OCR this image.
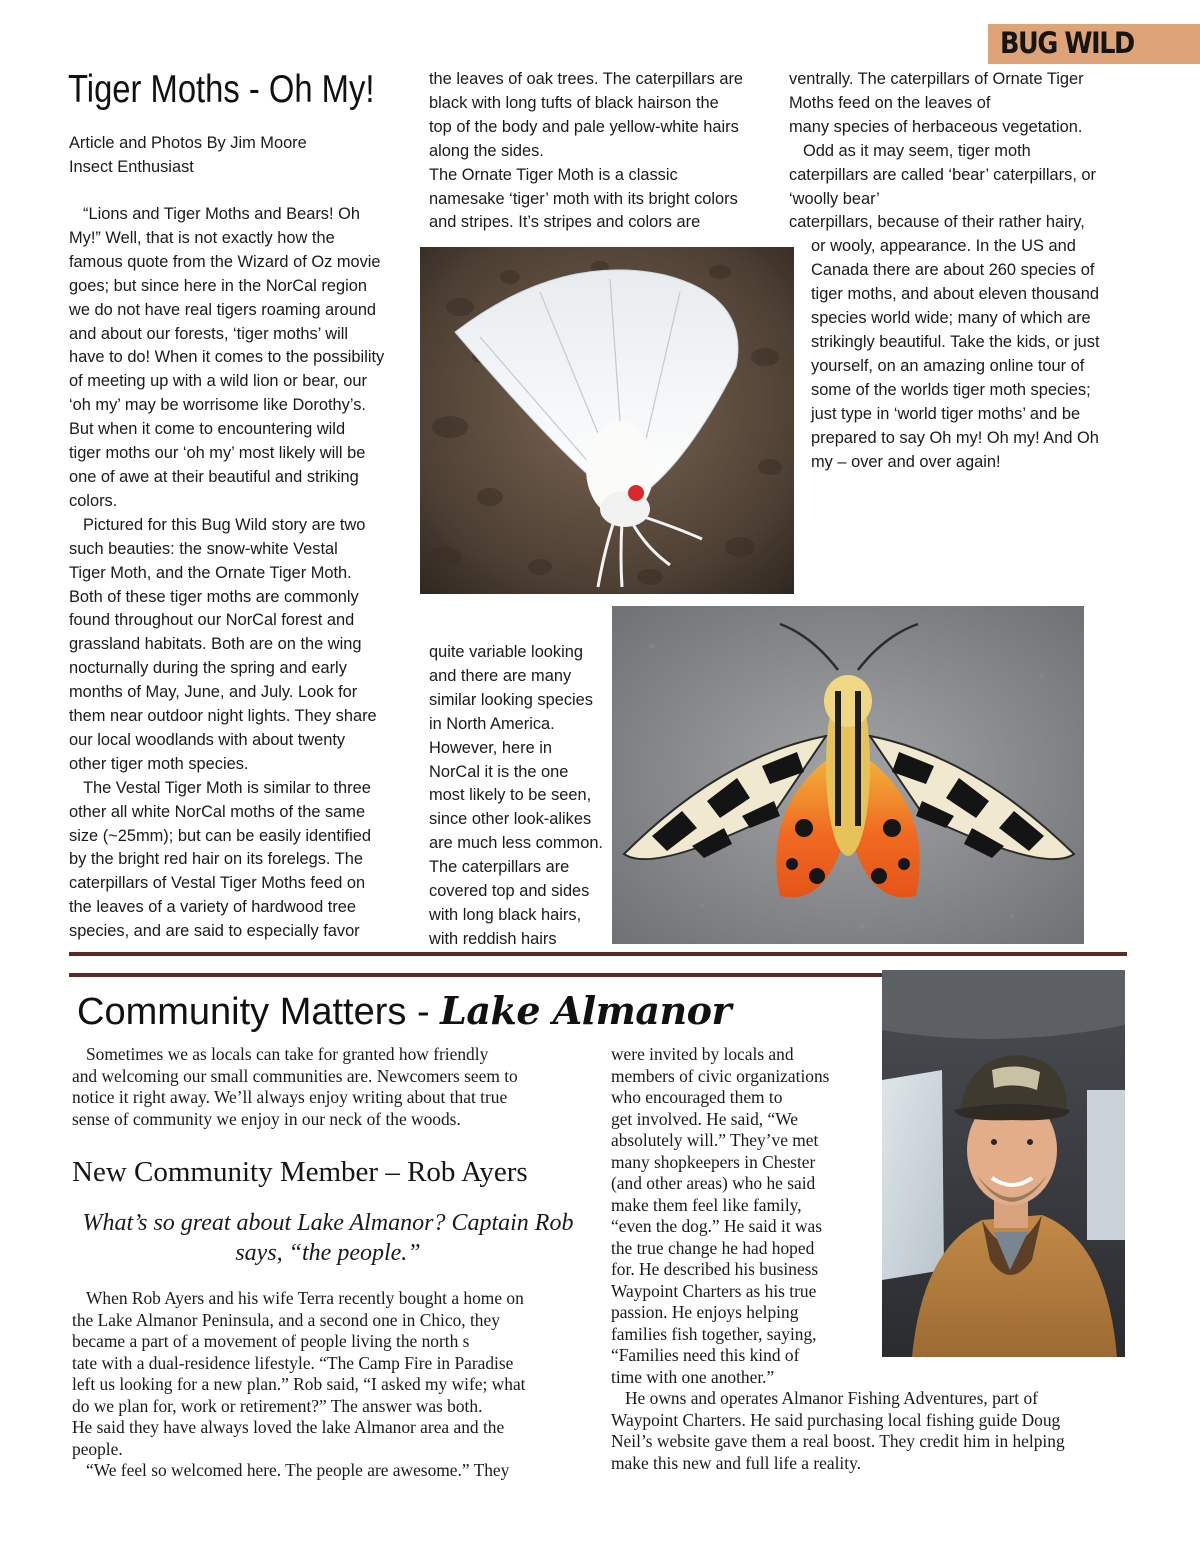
BUG WILD
Tiger Moths - Oh My!
Article and Photos By Jim Moore
Insect Enthusiast
“Lions and Tiger Moths and Bears! Oh
My!” Well, that is not exactly how the
famous quote from the Wizard of Oz movie
goes; but since here in the NorCal region
we do not have real tigers roaming around
and about our forests, ‘tiger moths’ will
have to do! When it comes to the possibility
of meeting up with a wild lion or bear, our
‘oh my’ may be worrisome like Dorothy’s.
But when it come to encountering wild
tiger moths our ‘oh my’ most likely will be
one of awe at their beautiful and striking
colors.
Pictured for this Bug Wild story are two
such beauties: the snow-white Vestal
Tiger Moth, and the Ornate Tiger Moth.
Both of these tiger moths are commonly
found throughout our NorCal forest and
grassland habitats. Both are on the wing
nocturnally during the spring and early
months of May, June, and July. Look for
them near outdoor night lights. They share
our local woodlands with about twenty
other tiger moth species.
The Vestal Tiger Moth is similar to three
other all white NorCal moths of the same
size (~25mm); but can be easily identified
by the bright red hair on its forelegs. The
caterpillars of Vestal Tiger Moths feed on
the leaves of a variety of hardwood tree
species, and are said to especially favor
the leaves of oak trees. The caterpillars are
black with long tufts of black hairson the
top of the body and pale yellow-white hairs
along the sides.
The Ornate Tiger Moth is a classic
namesake ‘tiger’ moth with its bright colors
and stripes. It’s stripes and colors are
quite variable looking
and there are many
similar looking species
in North America.
However, here in
NorCal it is the one
most likely to be seen,
since other look-alikes
are much less common.
The caterpillars are
covered top and sides
with long black hairs,
with reddish hairs
ventrally. The caterpillars of Ornate Tiger
Moths feed on the leaves of
many species of herbaceous vegetation.
Odd as it may seem, tiger moth
caterpillars are called ‘bear’ caterpillars, or
‘woolly bear’
caterpillars, because of their rather hairy,
or wooly, appearance. In the US and
Canada there are about 260 species of
tiger moths, and about eleven thousand
species world wide; many of which are
strikingly beautiful. Take the kids, or just
yourself, on an amazing online tour of
some of the worlds tiger moth species;
just type in ‘world tiger moths’ and be
prepared to say Oh my! Oh my! And Oh
my – over and over again!
Community Matters - Lake Almanor
Sometimes we as locals can take for granted how friendly
and welcoming our small communities are. Newcomers seem to
notice it right away. We’ll always enjoy writing about that true
sense of community we enjoy in our neck of the woods.
New Community Member – Rob Ayers
What’s so great about Lake Almanor? Captain Rob says, “the people.”
When Rob Ayers and his wife Terra recently bought a home on
the Lake Almanor Peninsula, and a second one in Chico, they
became a part of a movement of people living the north s
tate with a dual-residence lifestyle. “The Camp Fire in Paradise
left us looking for a new plan.” Rob said, “I asked my wife; what
do we plan for, work or retirement?” The answer was both.
He said they have always loved the lake Almanor area and the
people.
“We feel so welcomed here. The people are awesome.” They
were invited by locals and
members of civic organizations
who encouraged them to
get involved. He said, “We
absolutely will.” They’ve met
many shopkeepers in Chester
(and other areas) who he said
make them feel like family,
“even the dog.” He said it was
the true change he had hoped
for. He described his business
Waypoint Charters as his true
passion. He enjoys helping
families fish together, saying,
“Families need this kind of
time with one another.”
He owns and operates Almanor Fishing Adventures, part of
Waypoint Charters. He said purchasing local fishing guide Doug
Neil’s website gave them a real boost. They credit him in helping
make this new and full life a reality.
